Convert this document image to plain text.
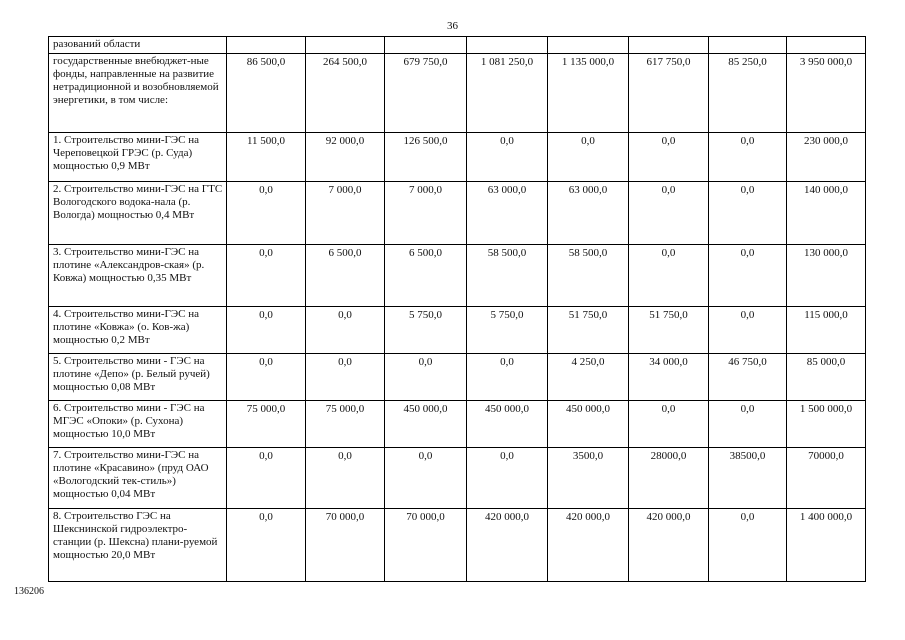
36
разований области								
государственные внебюджет-ные фонды, направленные на развитие нетрадиционной и возобновляемой энергетики, в том числе:	86 500,0	264 500,0	679 750,0	1 081 250,0	1 135 000,0	617 750,0	85 250,0	3 950 000,0
1. Строительство мини-ГЭС на Череповецкой ГРЭС (р. Суда) мощностью 0,9 МВт	11 500,0	92 000,0	126 500,0	0,0	0,0	0,0	0,0	230 000,0
2. Строительство мини-ГЭС на ГТС Вологодского водока-нала (р. Вологда) мощностью 0,4 МВт	0,0	7 000,0	7 000,0	63 000,0	63 000,0	0,0	0,0	140 000,0
3. Строительство мини-ГЭС на плотине «Александров-ская» (р. Ковжа) мощностью 0,35 МВт	0,0	6 500,0	6 500,0	58 500,0	58 500,0	0,0	0,0	130 000,0
4. Строительство мини-ГЭС на плотине «Ковжа» (о. Ков-жа) мощностью 0,2 МВт	0,0	0,0	5 750,0	5 750,0	51 750,0	51 750,0	0,0	115 000,0
5. Строительство мини - ГЭС на плотине «Депо» (р. Белый ручей) мощностью 0,08 МВт	0,0	0,0	0,0	0,0	4 250,0	34 000,0	46 750,0	85 000,0
6. Строительство мини - ГЭС на МГЭС «Опоки» (р. Сухона) мощностью 10,0 МВт	75 000,0	75 000,0	450 000,0	450 000,0	450 000,0	0,0	0,0	1 500 000,0
7. Строительство мини-ГЭС на плотине «Красавино» (пруд ОАО «Вологодский тек-стиль») мощностью 0,04 МВт	0,0	0,0	0,0	0,0	3500,0	28000,0	38500,0	70000,0
8. Строительство ГЭС на Шекснинской гидроэлектро-станции (р. Шексна) плани-руемой мощностью 20,0 МВт	0,0	70 000,0	70 000,0	420 000,0	420 000,0	420 000,0	0,0	1 400 000,0
136206
